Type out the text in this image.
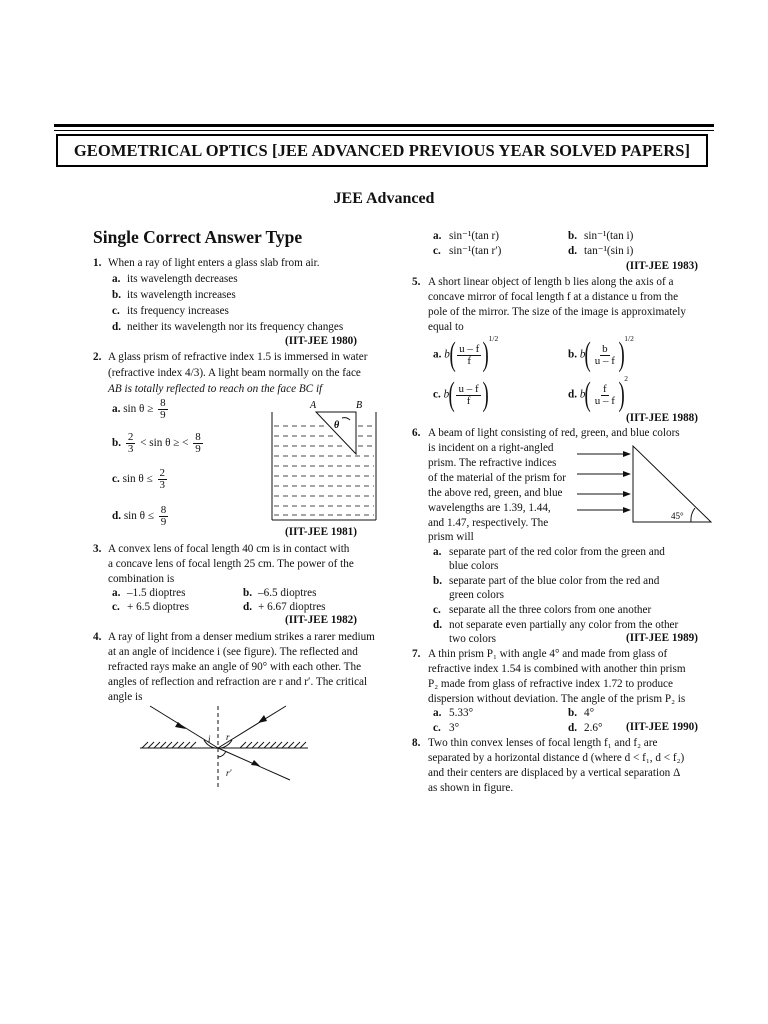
GEOMETRICAL OPTICS [JEE ADVANCED PREVIOUS YEAR SOLVED PAPERS]
JEE Advanced
Single Correct Answer Type
1. When a ray of light enters a glass slab from air.
a. its wavelength decreases
b. its wavelength increases
c. its frequency increases
d. neither its wavelength nor its frequency changes
(IIT-JEE 1980)
2. A glass prism of refractive index 1.5 is immersed in water
(refractive index 4/3). A light beam normally on the face
AB is totally reflected to reach on the face BC if
a. $\sin \theta \ge \frac{8}{9}$
b. $\frac{2}{3} < \sin \theta$ ≥ < $\frac{8}{9}$
c. $\sin \theta \le \frac{2}{3}$
d. $\sin \theta \le \frac{8}{9}$
A	B
θ
(IIT-JEE 1981)
3. A convex lens of focal length 40 cm is in contact with
a concave lens of focal length 25 cm. The power of the
combination is
a. –1.5 dioptres	b. –6.5 dioptres
c. + 6.5 dioptres	d. + 6.67 dioptres
(IIT-JEE 1982)
4. A ray of light from a denser medium strikes a rarer medium
at an angle of incidence i (see figure). The reflected and
refracted rays make an angle of 90° with each other. The
angles of reflection and refraction are r and r′. The critical
angle is
i r
r′
a. sin⁻¹(tan r)	b. sin⁻¹(tan i)
c. sin⁻¹(tan r′)	d. tan⁻¹(sin i)
(IIT-JEE 1983)
5. A short linear object of length b lies along the axis of a
concave mirror of focal length f at a distance u from the
pole of the mirror. The size of the image is approximately
equal to
a. $b( \frac{u - f}{f} )^{1/2}$
b. $b( \frac{b}{u - f} )^{1/2}$
c. $b( \frac{u - f}{f}$ )	d. $b( \frac{f}{u - f} )^2$
(IIT-JEE 1988)
6. A beam of light consisting of red, green, and blue colors
is incident on a right-angled
prism. The refractive indices
of the material of the prism for
the above red, green, and blue
wavelengths are 1.39, 1.44,
and 1.47, respectively. The
prism will
45°
a. separate part of the red color from the green and
blue colors
b. separate part of the blue color from the red and
green colors
c. separate all the three colors from one another
d. not separate even partially any color from the other
two colors	(IIT-JEE 1989)
7. A thin prism P₁ with angle 4° and made from glass of
refractive index 1.54 is combined with another thin prism
P₂ made from glass of refractive index 1.72 to produce
dispersion without deviation. The angle of the prism P₂ is
a. 5.33°	b. 4°
c. 3°	d. 2.6° (IIT-JEE 1990)
8. Two thin convex lenses of focal length f₁ and f₂ are
separated by a horizontal distance d (where d < f₁, d < f₂)
and their centers are displaced by a vertical separation Δ
as shown in figure.
